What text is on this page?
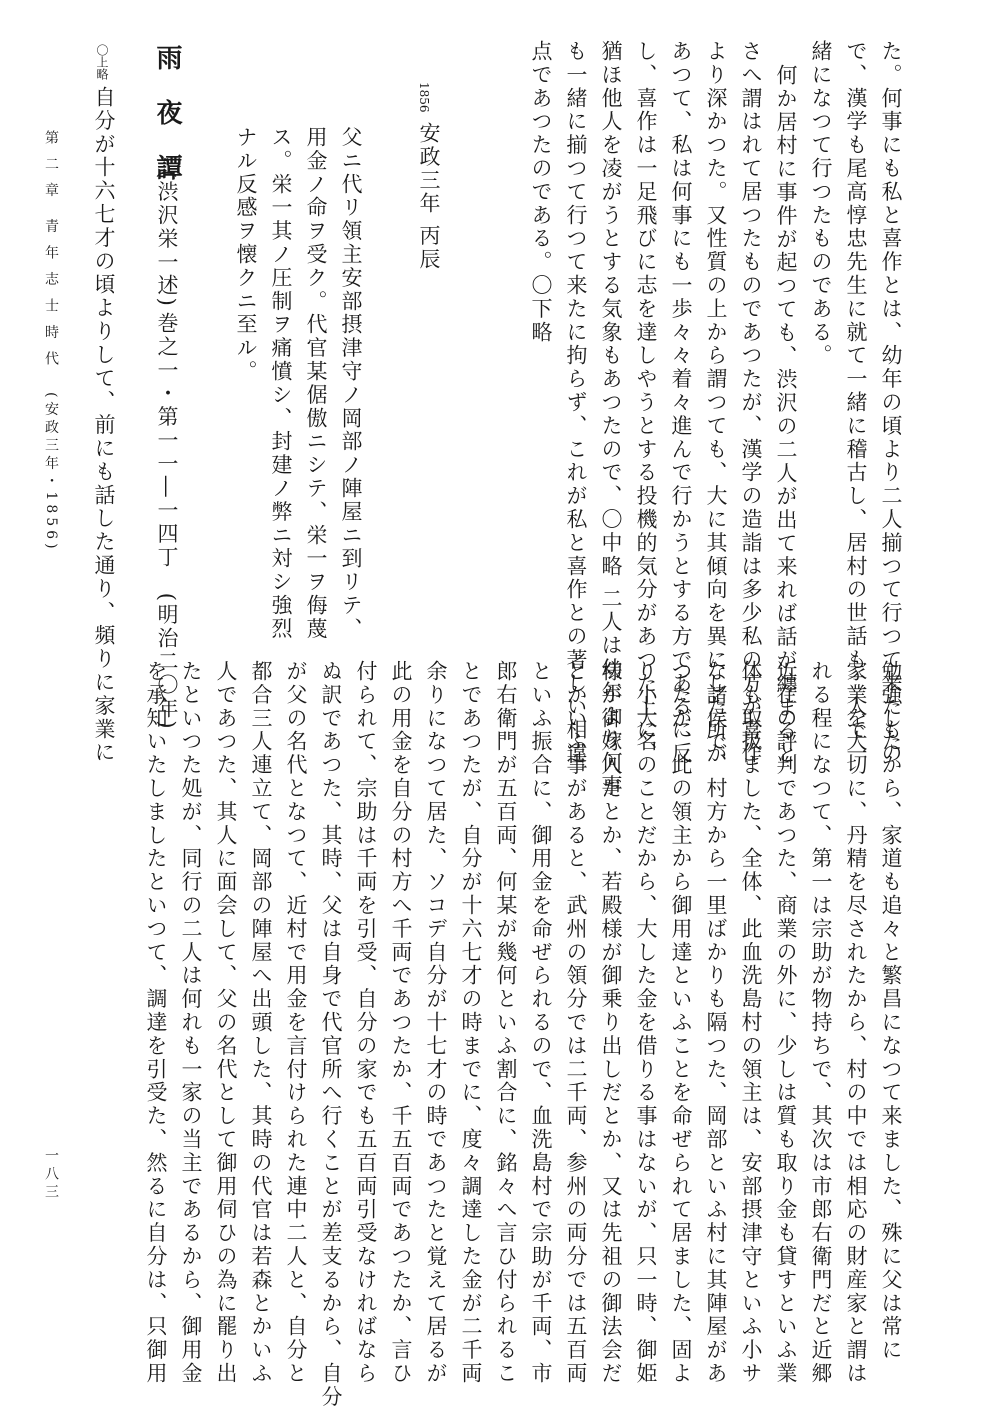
た。何事にも私と喜作とは、幼年の頃より二人揃つて行つて来たもの
で、漢学も尾高惇忠先生に就て一緒に稽古し、居村の世話も二人で一
緒になつて行つたものである。
何か居村に事件が起つても、渋沢の二人が出て来れば話が纏まると
さへ謂はれて居つたものであつたが、漢学の造詣は多少私の方が喜作
より深かつた。又性質の上から謂つても、大に其傾向を異にした所が
あつて、私は何事にも一歩々々着々進んで行かうとする方であるに反
し、喜作は一足飛びに志を達しやうとする投機的気分があつた上に、
猶ほ他人を凌がうとする気象もあつたので、〇中略 二人は幼年より何事
も一緒に揃つて行つて来たに拘らず、これが私と喜作との著しい相違
点であつたのである。〇下略
1856
安政三年 丙辰
父ニ代リ領主安部摂津守ノ岡部ノ陣屋ニ到リテ、
用金ノ命ヲ受ク。代官某倨傲ニシテ、栄一ヲ侮蔑
ス。栄一其ノ圧制ヲ痛憤シ、封建ノ弊ニ対シ強烈
ナル反感ヲ懐クニ至ル。
雨 夜 譚
(渋沢栄一述)
巻之一・第一一―一四丁　(明治二〇年)
〇上略
自分が十六七才の頃よりして、前にも話した通り、頻りに家業に
第 二 章　青 年 志 士 時 代
(安政三年・1856)
勉強したから、家道も追々と繁昌になつて来ました、殊に父は常に
家業を大切に、丹精を尽されたから、村の中では相応の財産家と謂は
れる程になつて、第一は宗助が物持ちで、其次は市郎右衛門だと近郷
近在の評判であつた、商業の外に、少しは質も取り金も貸すといふ業
体も取扱ました、全体、此血洗島村の領主は、安部摂津守といふ小サ
な諸侯で、村方から一里ばかりも隔つた、岡部といふ村に其陣屋があ
つたが、此の領主から御用達といふことを命ぜられて居ました、固よ
り小大名のことだから、大した金を借りる事はないが、只一時、御姫
様が御嫁入だとか、若殿様が御乗り出しだとか、又は先祖の御法会だ
とかいふ事があると、武州の領分では二千両、参州の両分では五百両
といふ振合に、御用金を命ぜられるので、血洗島村で宗助が千両、市
郎右衛門が五百両、何某が幾何といふ割合に、銘々へ言ひ付られるこ
とであつたが、自分が十六七才の時までに、度々調達した金が二千両
余りになつて居た、ソコデ自分が十七才の時であつたと覚えて居るが
此の用金を自分の村方へ千両であつたか、千五百両であつたか、言ひ
付られて、宗助は千両を引受、自分の家でも五百両引受なければなら
ぬ訳であつた、其時、父は自身で代官所へ行くことが差支るから、自分
が父の名代となつて、近村で用金を言付けられた連中二人と、自分と
都合三人連立て、岡部の陣屋へ出頭した、其時の代官は若森とかいふ
人であつた、其人に面会して、父の名代として御用伺ひの為に罷り出
たといつた処が、同行の二人は何れも一家の当主であるから、御用金
を承知いたしましたといつて、調達を引受た、然るに自分は、只御用
一八三
